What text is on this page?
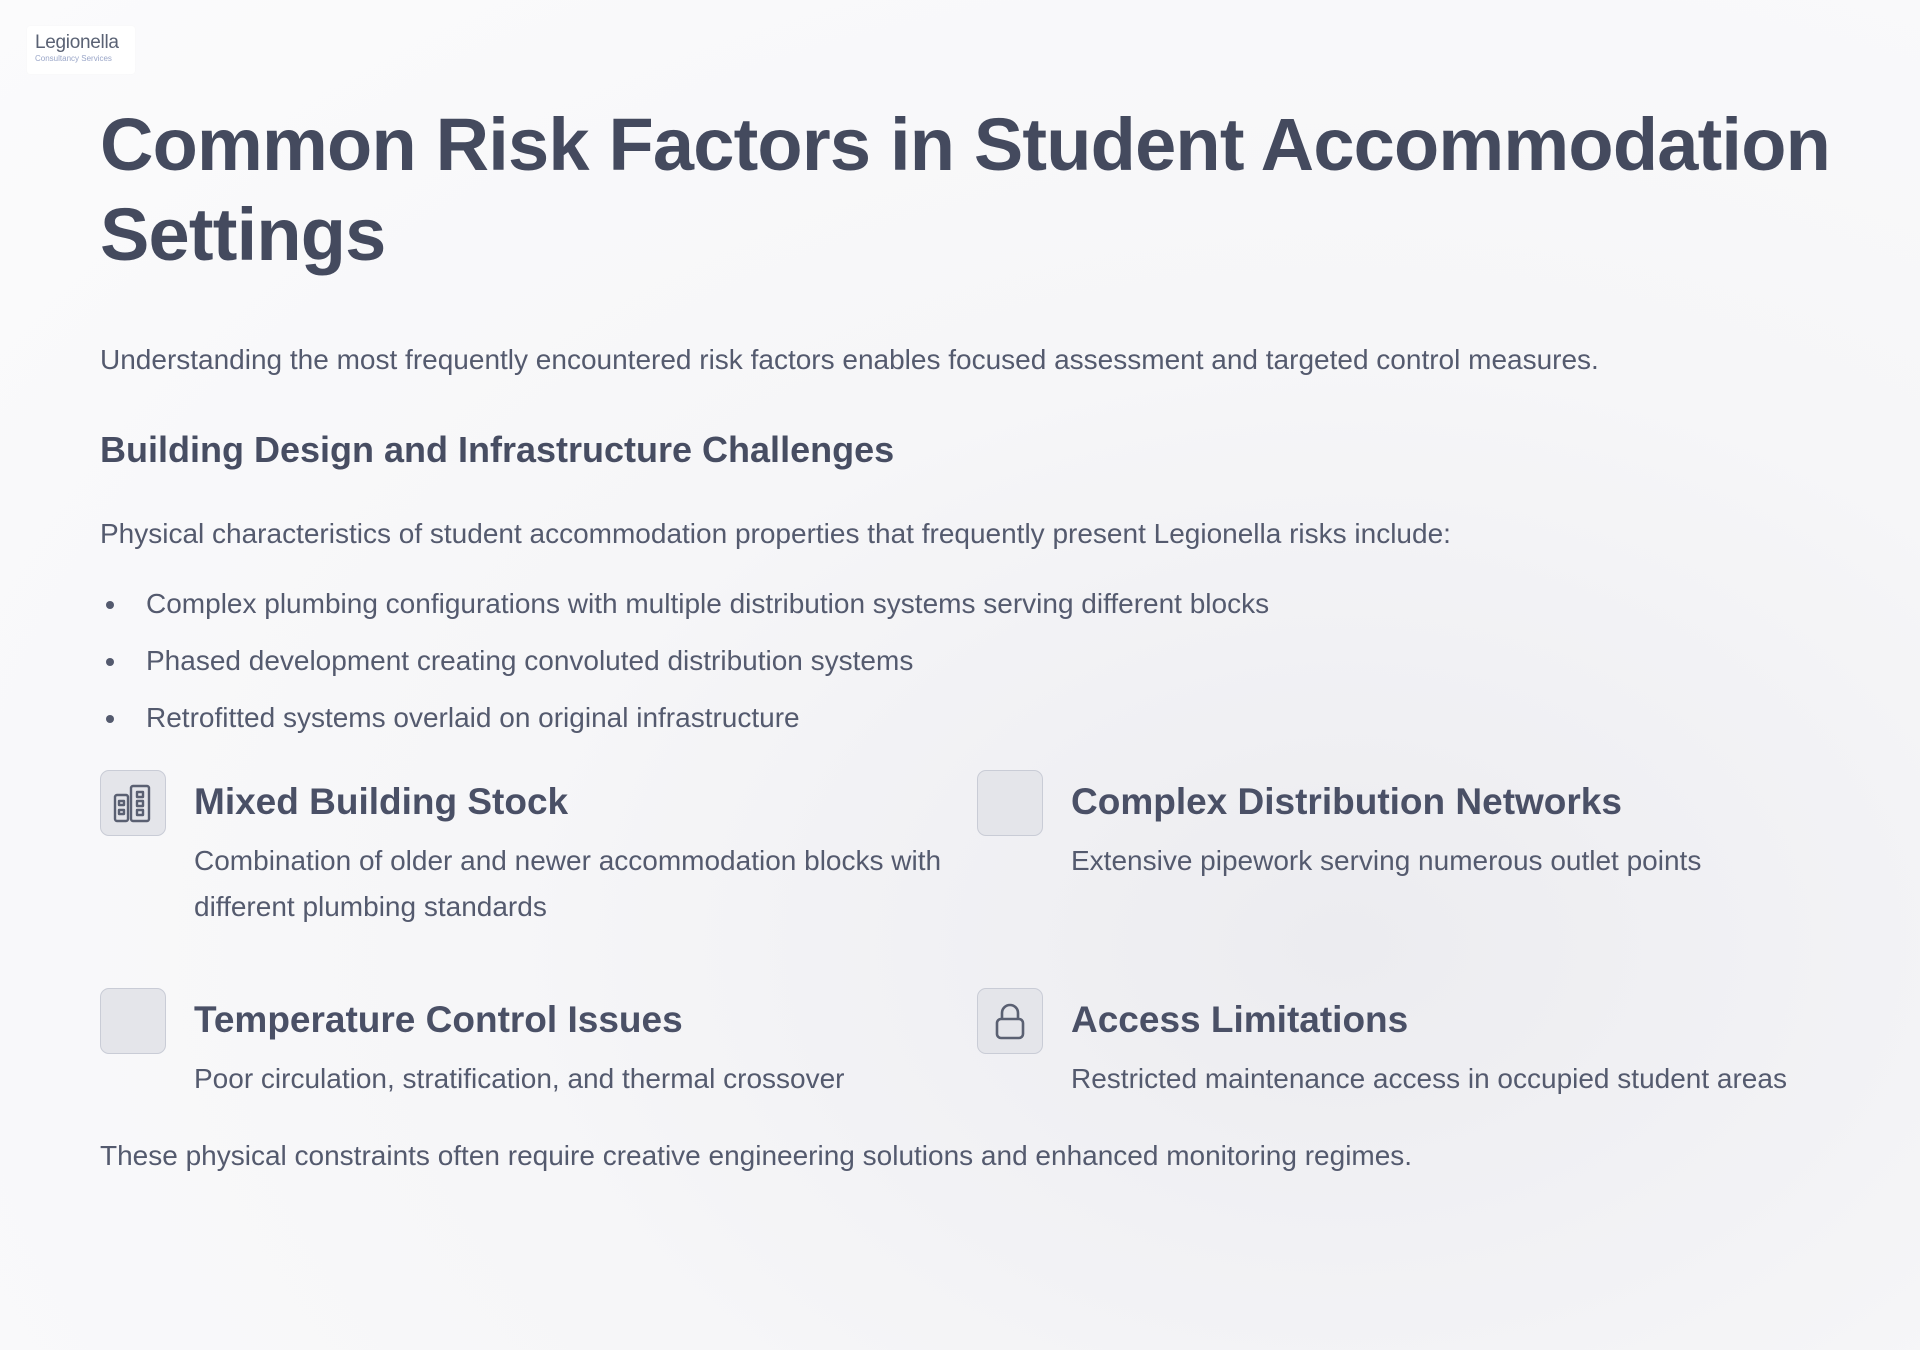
Legionella
Consultancy Services
Common Risk Factors in Student Accommodation Settings

Understanding the most frequently encountered risk factors enables focused assessment and targeted control measures.

Building Design and Infrastructure Challenges

Physical characteristics of student accommodation properties that frequently present Legionella risks include:

Complex plumbing configurations with multiple distribution systems serving different blocks
Phased development creating convoluted distribution systems
Retrofitted systems overlaid on original infrastructure
Mixed Building Stock
Combination of older and newer accommodation blocks with different plumbing standards
Complex Distribution Networks
Extensive pipework serving numerous outlet points
Temperature Control Issues
Poor circulation, stratification, and thermal crossover
Access Limitations
Restricted maintenance access in occupied student areas

These physical constraints often require creative engineering solutions and enhanced monitoring regimes.
